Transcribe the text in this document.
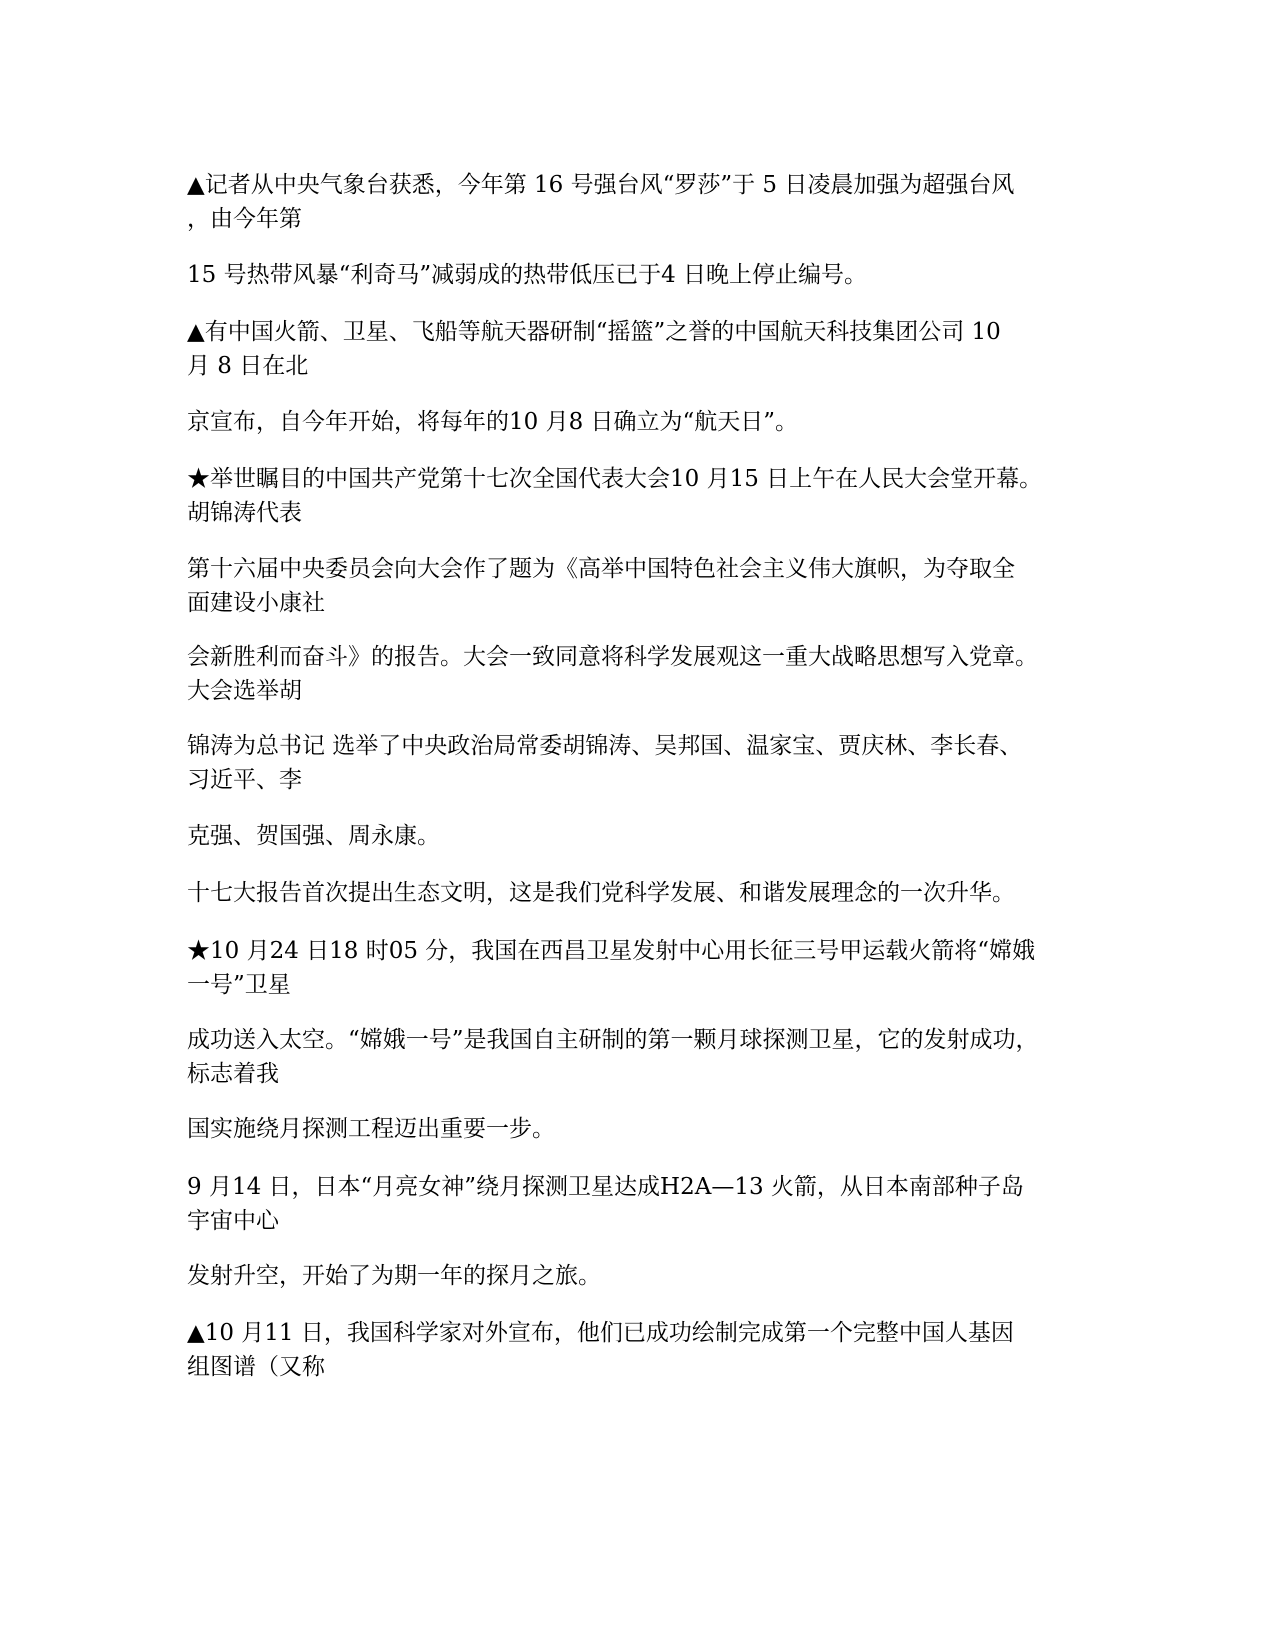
▲记者从中央气象台获悉，今年第 16 号强台风“罗莎”于 5 日凌晨加强为超强台风
，由今年第

15 号热带风暴“利奇马”减弱成的热带低压已于4 日晚上停止编号。

▲有中国火箭、卫星、飞船等航天器研制“摇篮”之誉的中国航天科技集团公司 10
月 8 日在北

京宣布，自今年开始，将每年的10 月8 日确立为“航天日”。

★举世瞩目的中国共产党第十七次全国代表大会10 月15 日上午在人民大会堂开幕。
胡锦涛代表

第十六届中央委员会向大会作了题为《高举中国特色社会主义伟大旗帜，为夺取全
面建设小康社

会新胜利而奋斗》的报告。大会一致同意将科学发展观这一重大战略思想写入党章。
大会选举胡

锦涛为总书记 选举了中央政治局常委胡锦涛、吴邦国、温家宝、贾庆林、李长春、
习近平、李

克强、贺国强、周永康。

十七大报告首次提出生态文明，这是我们党科学发展、和谐发展理念的一次升华。

★10 月24 日18 时05 分，我国在西昌卫星发射中心用长征三号甲运载火箭将“嫦娥
一号”卫星

成功送入太空。“嫦娥一号”是我国自主研制的第一颗月球探测卫星，它的发射成功，
标志着我

国实施绕月探测工程迈出重要一步。

9 月14 日，日本“月亮女神”绕月探测卫星达成H2A—13 火箭，从日本南部种子岛
宇宙中心

发射升空，开始了为期一年的探月之旅。

▲10 月11 日，我国科学家对外宣布，他们已成功绘制完成第一个完整中国人基因
组图谱（又称
